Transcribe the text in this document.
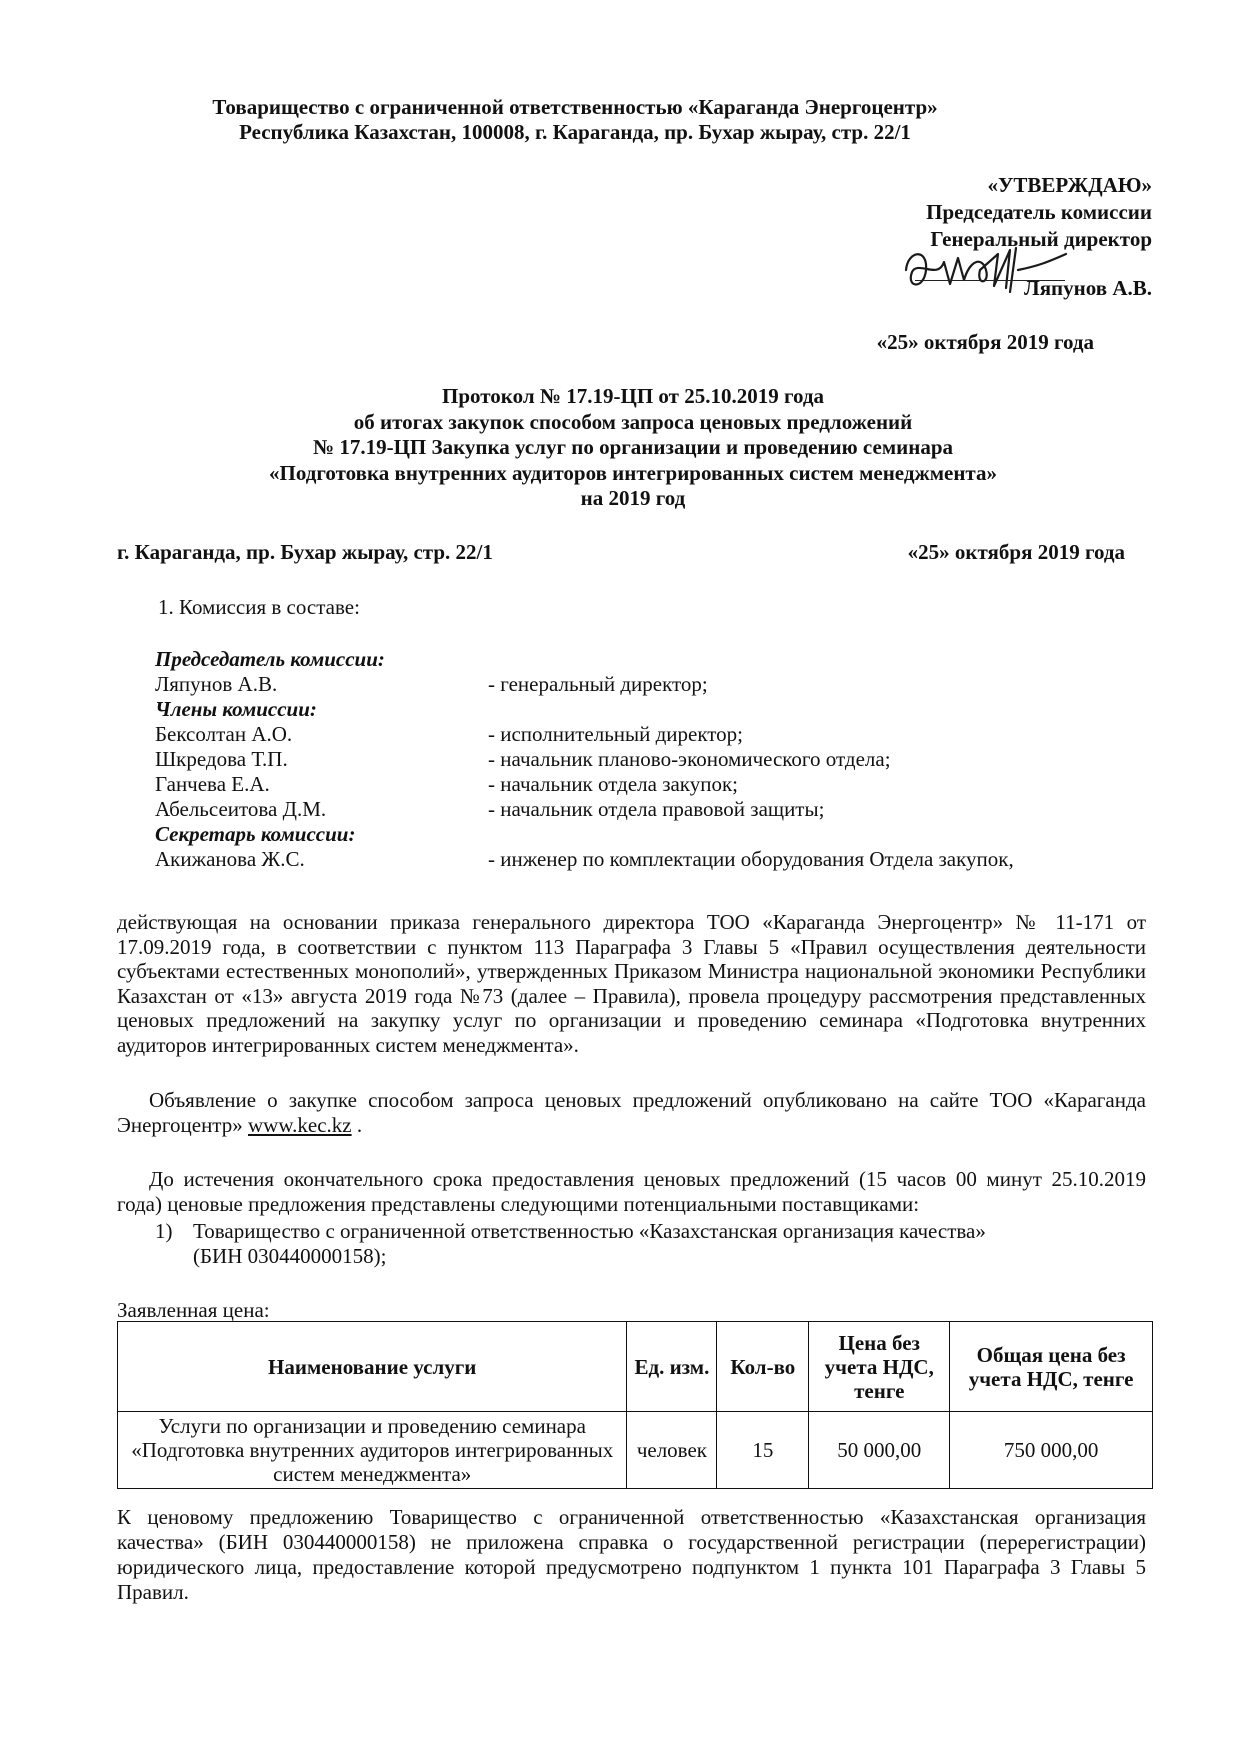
Товарищество с ограниченной ответственностью «Караганда Энергоцентр»
Республика Казахстан, 100008, г. Караганда, пр. Бухар жырау, стр. 22/1
«УТВЕРЖДАЮ»
Председатель комиссии
Генеральный директор
Ляпунов А.В.
«25» октября 2019 года
Протокол № 17.19-ЦП от 25.10.2019 года
об итогах закупок способом запроса ценовых предложений
№ 17.19-ЦП Закупка услуг по организации и проведению семинара
«Подготовка внутренних аудиторов интегрированных систем менеджмента»
на 2019 год
г. Караганда, пр. Бухар жырау, стр. 22/1	«25» октября 2019 года
1. Комиссия в составе:
Председатель комиссии:
Ляпунов А.В.	- генеральный директор;
Члены комиссии:
Бексолтан А.О.	- исполнительный директор;
Шкредова Т.П.	- начальник планово-экономического отдела;
Ганчева Е.А.	- начальник отдела закупок;
Абельсеитова Д.М.	- начальник отдела правовой защиты;
Секретарь комиссии:
Акижанова Ж.С.	- инженер по комплектации оборудования Отдела закупок,
действующая на основании приказа генерального директора ТОО «Караганда Энергоцентр» № 11-171 от 17.09.2019 года, в соответствии с пунктом 113 Параграфа 3 Главы 5 «Правил осуществления деятельности субъектами естественных монополий», утвержденных Приказом Министра национальной экономики Республики Казахстан от «13» августа 2019 года №73 (далее – Правила), провела процедуру рассмотрения представленных ценовых предложений на закупку услуг по организации и проведению семинара «Подготовка внутренних аудиторов интегрированных систем менеджмента».
Объявление о закупке способом запроса ценовых предложений опубликовано на сайте ТОО «Караганда Энергоцентр» www.kec.kz .
До истечения окончательного срока предоставления ценовых предложений (15 часов 00 минут 25.10.2019 года) ценовые предложения представлены следующими потенциальными поставщиками:
1) Товарищество с ограниченной ответственностью «Казахстанская организация качества»
(БИН 030440000158);
Заявленная цена:
Наименование услуги	Ед. изм.	Кол-во	Цена без учета НДС, тенге	Общая цена без учета НДС, тенге
Услуги по организации и проведению семинара «Подготовка внутренних аудиторов интегрированных систем менеджмента»	человек	15	50 000,00	750 000,00
К ценовому предложению Товарищество с ограниченной ответственностью «Казахстанская организация качества» (БИН 030440000158) не приложена справка о государственной регистрации (перерегистрации) юридического лица, предоставление которой предусмотрено подпунктом 1 пункта 101 Параграфа 3 Главы 5 Правил.
